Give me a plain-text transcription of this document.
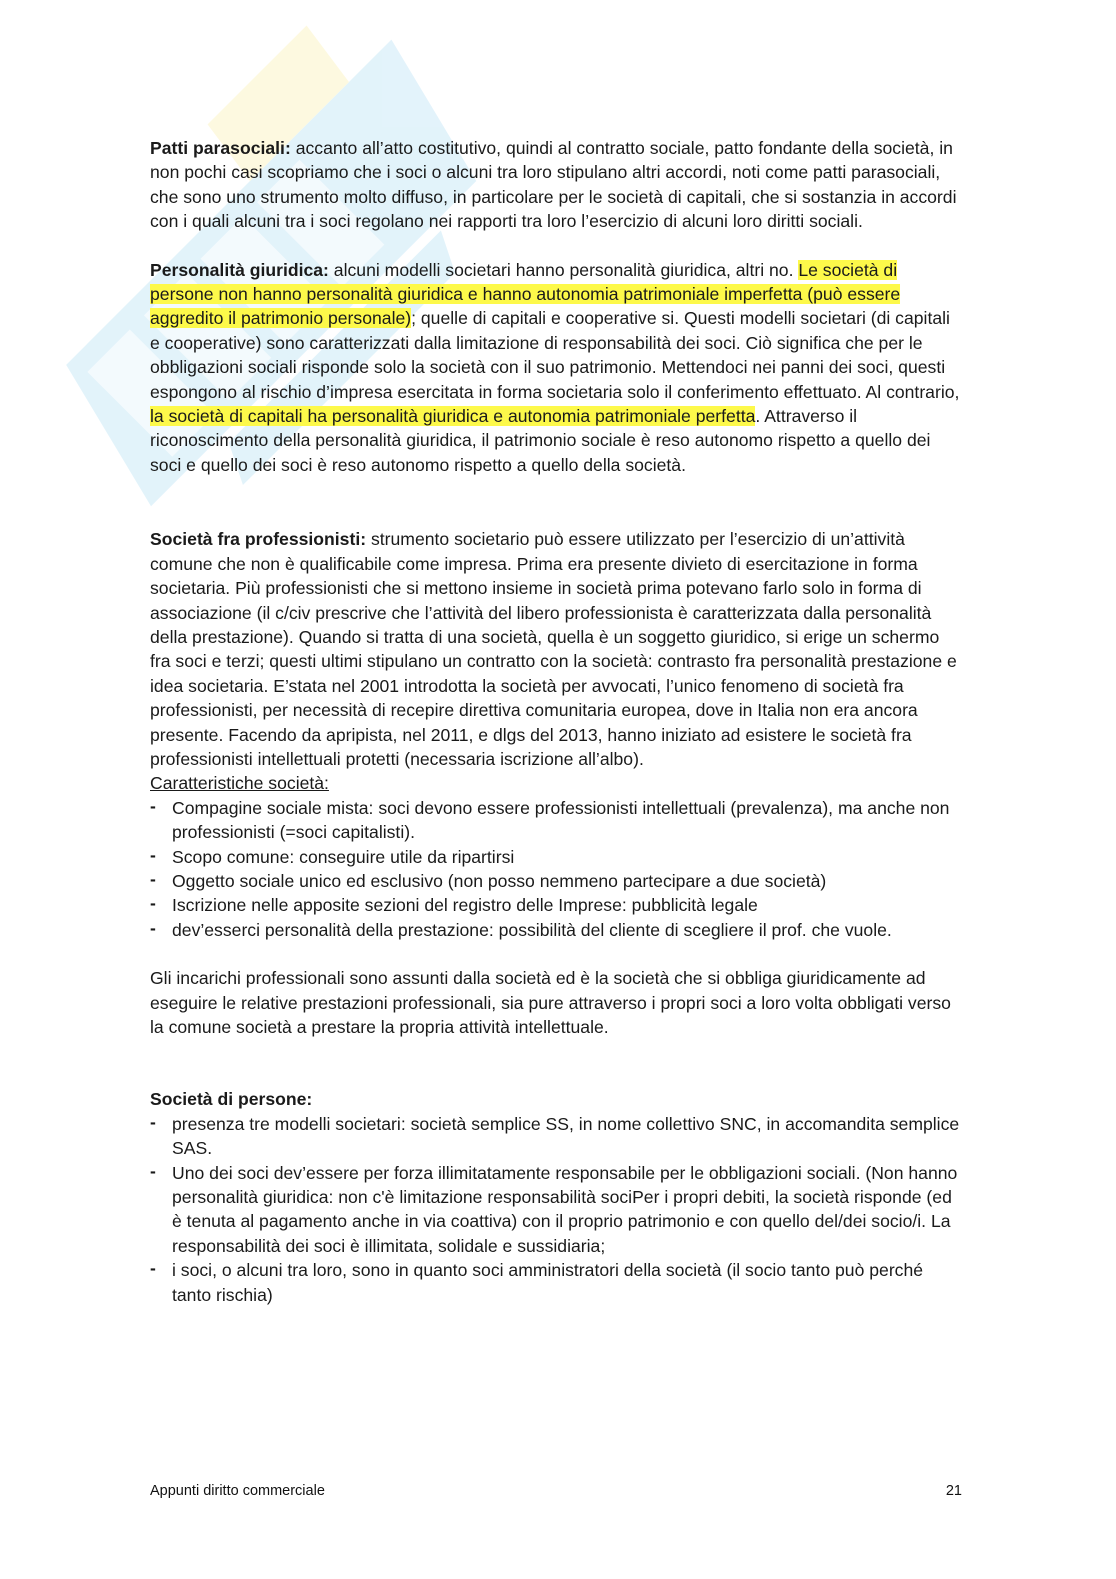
Patti parasociali: accanto all’atto costitutivo, quindi al contratto sociale, patto fondante della società, in non pochi casi scopriamo che i soci o alcuni tra loro stipulano altri accordi, noti come patti parasociali, che sono uno strumento molto diffuso, in particolare per le società di capitali, che si sostanzia in accordi con i quali alcuni tra i soci regolano nei rapporti tra loro l’esercizio di alcuni loro diritti sociali.

Personalità giuridica: alcuni modelli societari hanno personalità giuridica, altri no. Le società di persone non hanno personalità giuridica e hanno autonomia patrimoniale imperfetta (può essere aggredito il patrimonio personale); quelle di capitali e cooperative si. Questi modelli societari (di capitali e cooperative) sono caratterizzati dalla limitazione di responsabilità dei soci. Ciò significa che per le obbligazioni sociali risponde solo la società con il suo patrimonio. Mettendoci nei panni dei soci, questi espongono al rischio d’impresa esercitata in forma societaria solo il conferimento effettuato. Al contrario, la società di capitali ha personalità giuridica e autonomia patrimoniale perfetta. Attraverso il riconoscimento della personalità giuridica, il patrimonio sociale è reso autonomo rispetto a quello dei soci e quello dei soci è reso autonomo rispetto a quello della società.

Società fra professionisti: strumento societario può essere utilizzato per l’esercizio di un’attività comune che non è qualificabile come impresa. Prima era presente divieto di esercitazione in forma societaria. Più professionisti che si mettono insieme in società prima potevano farlo solo in forma di associazione (il c/civ prescrive che l’attività del libero professionista è caratterizzata dalla personalità della prestazione). Quando si tratta di una società, quella è un soggetto giuridico, si erige un schermo fra soci e terzi; questi ultimi stipulano un contratto con la società: contrasto fra personalità prestazione e idea societaria. E’stata nel 2001 introdotta la società per avvocati, l’unico fenomeno di società fra professionisti, per necessità di recepire direttiva comunitaria europea, dove in Italia non era ancora presente. Facendo da apripista, nel 2011, e dlgs del 2013, hanno iniziato ad esistere le società fra professionisti intellettuali protetti (necessaria iscrizione all’albo).

Caratteristiche società:

- Compagine sociale mista: soci devono essere professionisti intellettuali (prevalenza), ma anche non professionisti (=soci capitalisti).
- Scopo comune: conseguire utile da ripartirsi
- Oggetto sociale unico ed esclusivo (non posso nemmeno partecipare a due società)
- Iscrizione nelle apposite sezioni del registro delle Imprese: pubblicità legale
- dev’esserci personalità della prestazione: possibilità del cliente di scegliere il prof. che vuole.

Gli incarichi professionali sono assunti dalla società ed è la società che si obbliga giuridicamente ad eseguire le relative prestazioni professionali, sia pure attraverso i propri soci a loro volta obbligati verso la comune società a prestare la propria attività intellettuale.

Società di persone:

- presenza tre modelli societari: società semplice SS, in nome collettivo SNC, in accomandita semplice SAS.
- Uno dei soci dev’essere per forza illimitatamente responsabile per le obbligazioni sociali. (Non hanno personalità giuridica: non c'è limitazione responsabilità sociPer i propri debiti, la società risponde (ed è tenuta al pagamento anche in via coattiva) con il proprio patrimonio e con quello del/dei socio/i. La responsabilità dei soci è illimitata, solidale e sussidiaria;
- i soci, o alcuni tra loro, sono in quanto soci amministratori della società (il socio tanto può perché tanto rischia)
Appunti diritto commerciale	21
